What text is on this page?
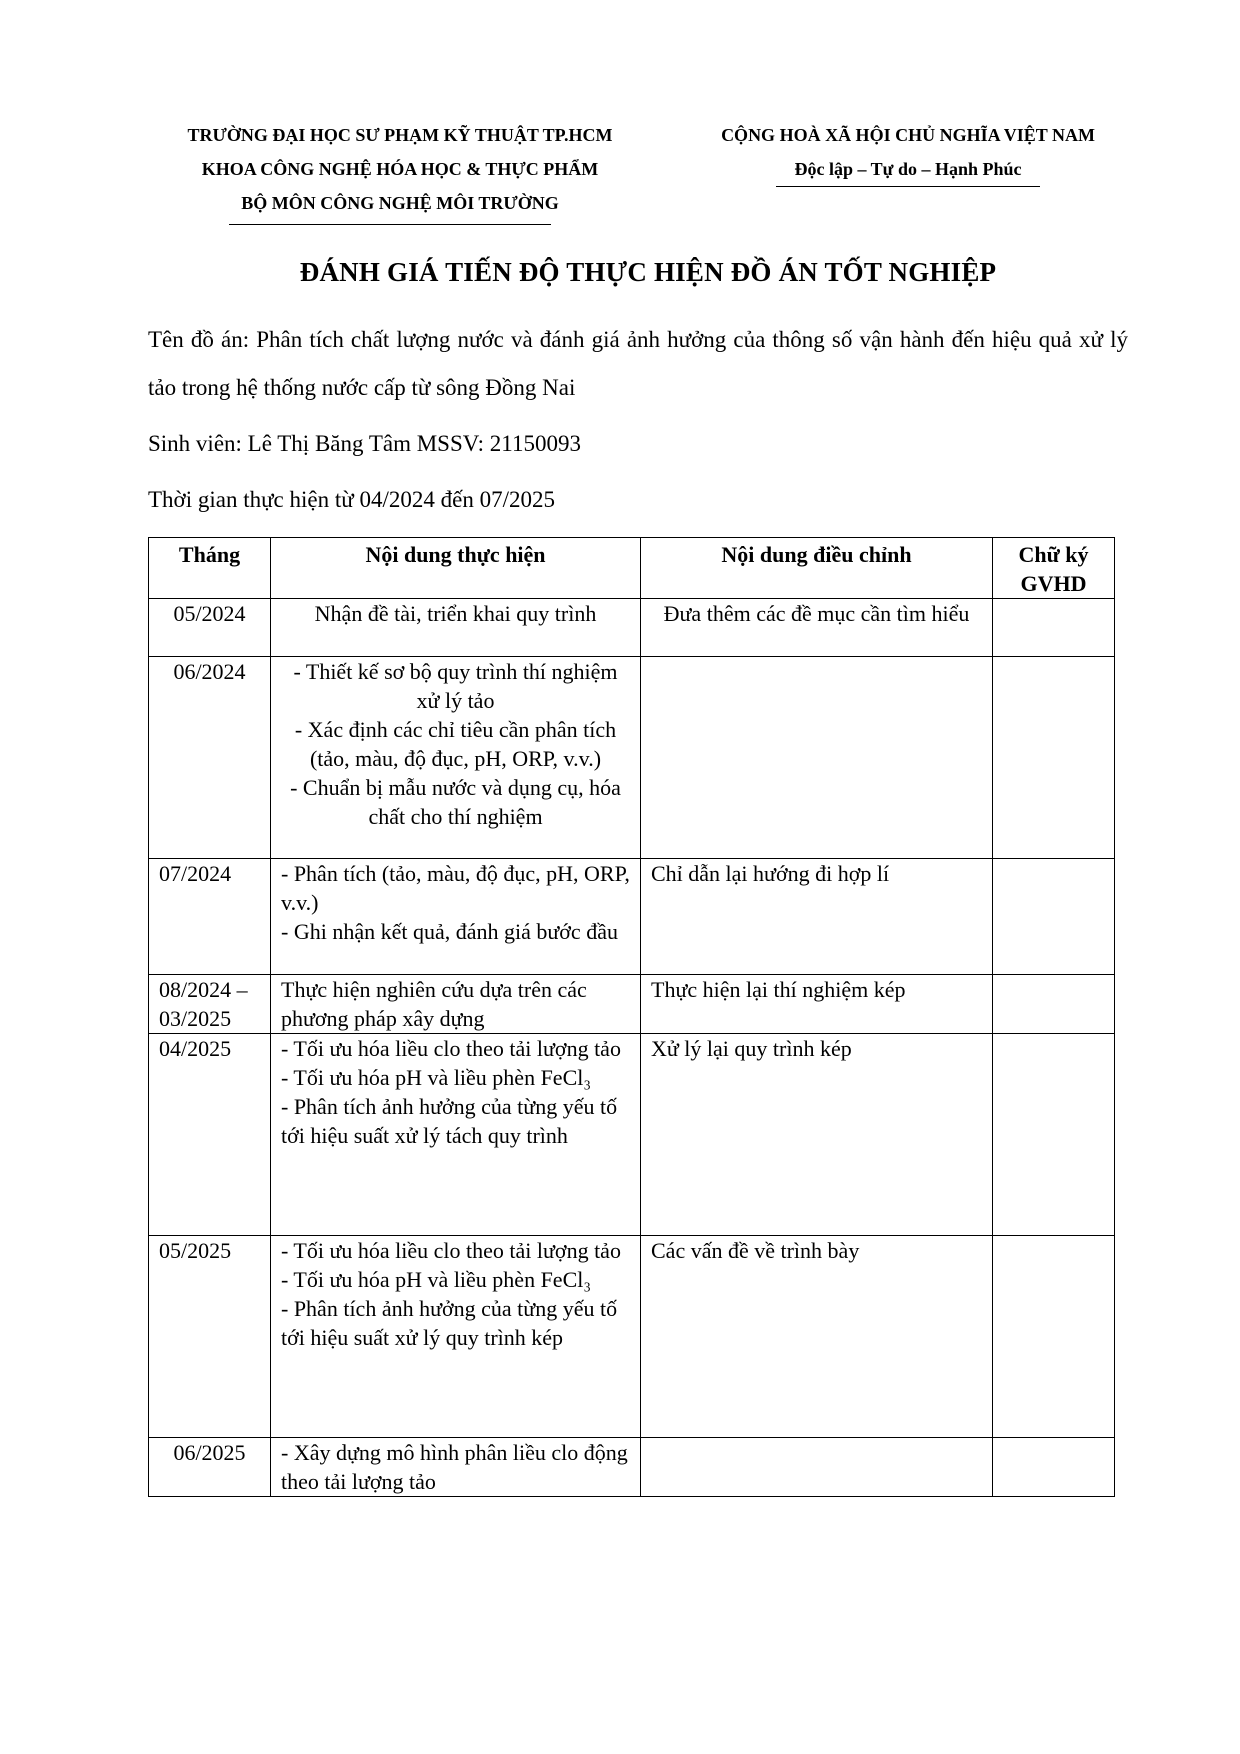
TRƯỜNG ĐẠI HỌC SƯ PHẠM KỸ THUẬT TP.HCM
KHOA CÔNG NGHỆ HÓA HỌC & THỰC PHẨM
BỘ MÔN CÔNG NGHỆ MÔI TRƯỜNG
CỘNG HOÀ XÃ HỘI CHỦ NGHĨA VIỆT NAM
Độc lập – Tự do – Hạnh Phúc
ĐÁNH GIÁ TIẾN ĐỘ THỰC HIỆN ĐỒ ÁN TỐT NGHIỆP
Tên đồ án: Phân tích chất lượng nước và đánh giá ảnh hưởng của thông số vận hành đến hiệu quả xử lý tảo trong hệ thống nước cấp từ sông Đồng Nai
Sinh viên: Lê Thị Băng Tâm MSSV: 21150093
Thời gian thực hiện từ 04/2024 đến 07/2025
Tháng	Nội dung thực hiện	Nội dung điều chỉnh	Chữ ký GVHD
05/2024	Nhận đề tài, triển khai quy trình	Đưa thêm các đề mục cần tìm hiểu	

06/2024	- Thiết kế sơ bộ quy trình thí nghiệm xử lý tảo
- Xác định các chỉ tiêu cần phân tích (tảo, màu, độ đục, pH, ORP, v.v.)
- Chuẩn bị mẫu nước và dụng cụ, hóa chất cho thí nghiệm		

07/2024	- Phân tích (tảo, màu, độ đục, pH, ORP, v.v.)
- Ghi nhận kết quả, đánh giá bước đầu	Chỉ dẫn lại hướng đi hợp lí	

08/2024 – 03/2025	Thực hiện nghiên cứu dựa trên các phương pháp xây dựng	Thực hiện lại thí nghiệm kép	

04/2025	- Tối ưu hóa liều clo theo tải lượng tảo
- Tối ưu hóa pH và liều phèn FeCl₃
- Phân tích ảnh hưởng của từng yếu tố tới hiệu suất xử lý tách quy trình	Xử lý lại quy trình kép	

05/2025	- Tối ưu hóa liều clo theo tải lượng tảo
- Tối ưu hóa pH và liều phèn FeCl₃
- Phân tích ảnh hưởng của từng yếu tố tới hiệu suất xử lý quy trình kép	Các vấn đề về trình bày	

06/2025	- Xây dựng mô hình phân liều clo động theo tải lượng tảo		
